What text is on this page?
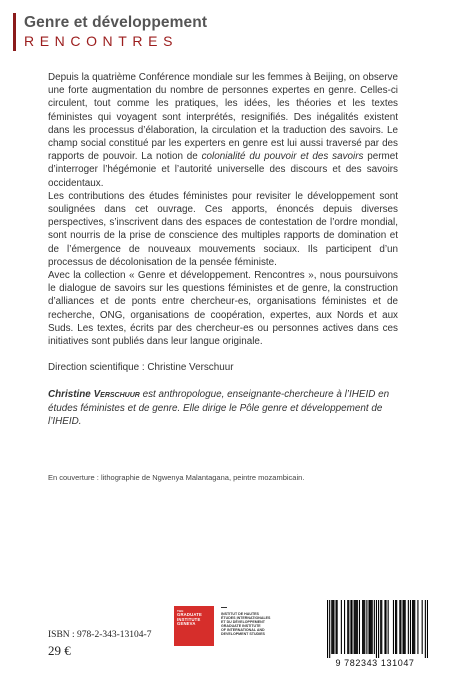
Genre et développement
RENCONTRES

Depuis la quatrième Conférence mondiale sur les femmes à Beijing, on observe une forte augmentation du nombre de personnes expertes en genre. Celles-ci circulent, tout comme les pratiques, les idées, les théories et les textes féministes qui voyagent sont interprétés, resignifiés. Des inégalités existent dans les processus d’élaboration, la circulation et la traduction des savoirs. Le champ social constitué par les experters en genre est lui aussi traversé par des rapports de pouvoir. La notion de colonialité du pouvoir et des savoirs permet d’interroger l’hégémonie et l’autorité universelle des discours et des savoirs occidentaux.

Les contributions des études féministes pour revisiter le développement sont soulignées dans cet ouvrage. Ces apports, énoncés depuis diverses perspectives, s’inscrivent dans des espaces de contestation de l’ordre mondial, sont nourris de la prise de conscience des multiples rapports de domination et de l’émergence de nouveaux mouvements sociaux. Ils participent d’un processus de décolonisation de la pensée féministe.

Avec la collection « Genre et développement. Rencontres », nous poursuivons le dialogue de savoirs sur les questions féministes et de genre, la construction d’alliances et de ponts entre chercheur-es, organisations féministes et de recherche, ONG, organisations de coopération, expertes, aux Nords et aux Suds. Les textes, écrits par des chercheur-es ou personnes actives dans ces initiatives sont publiés dans leur langue originale.

Direction scientifique : Christine Verschuur

Christine Verschuur est anthropologue, enseignante-chercheure à l’IHEID en études féministes et de genre. Elle dirige le Pôle genre et développement de l’IHEID.

En couverture : lithographie de Ngwenya Malantagana, peintre mozambicain.
THE
GRADUATE
INSTITUTE
GENEVA
INSTITUT DE HAUTES
ÉTUDES INTERNATIONALES
ET DU DÉVELOPPEMENT
GRADUATE INSTITUTE
OF INTERNATIONAL AND
DEVELOPMENT STUDIES
ISBN : 978-2-343-13104-7
29 €
9 782343 131047
